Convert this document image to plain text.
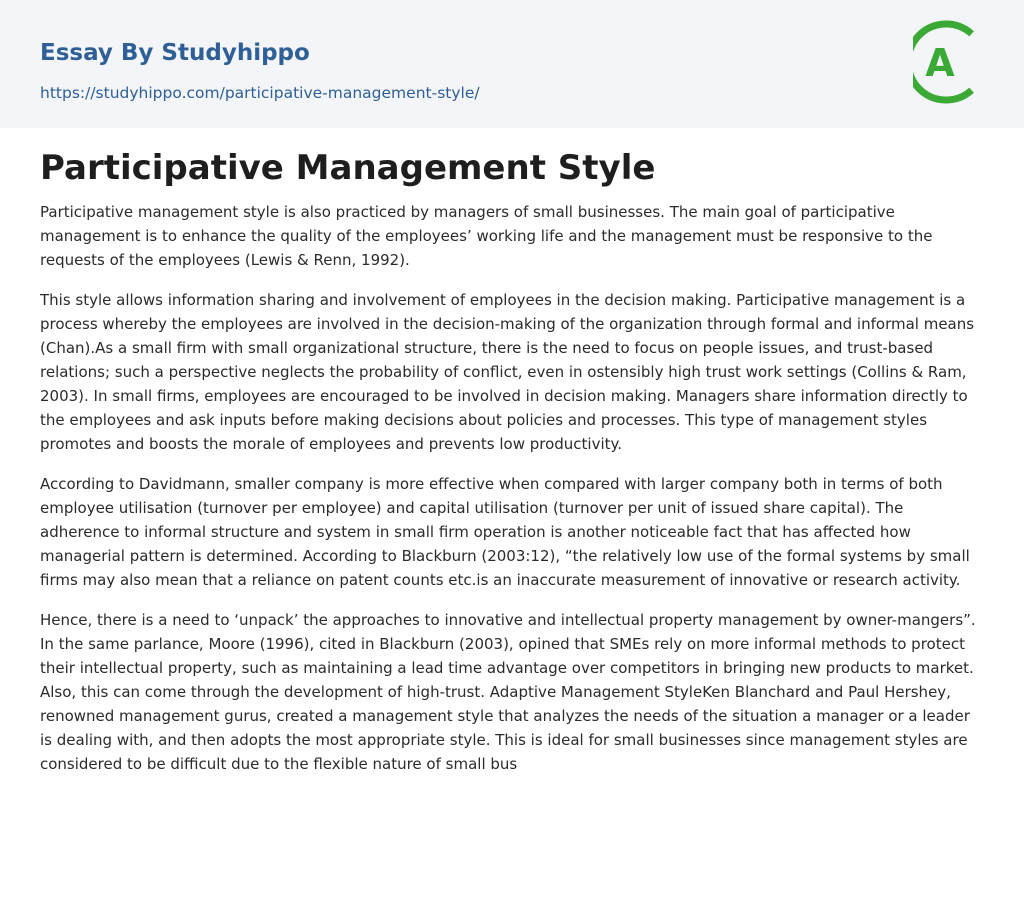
Essay By Studyhippo
https://studyhippo.com/participative-management-style/
A
Participative Management Style

Participative management style is also practiced by managers of small businesses. The main goal of participative management is to enhance the quality of the employees’ working life and the management must be responsive to the requests of the employees (Lewis & Renn, 1992).

This style allows information sharing and involvement of employees in the decision making. Participative management is a process whereby the employees are involved in the decision-making of the organization through formal and informal means (Chan).As a small firm with small organizational structure, there is the need to focus on people issues, and trust-based relations; such a perspective neglects the probability of conflict, even in ostensibly high trust work settings (Collins & Ram, 2003). In small firms, employees are encouraged to be involved in decision making. Managers share information directly to the employees and ask inputs before making decisions about policies and processes. This type of management styles promotes and boosts the morale of employees and prevents low productivity.

According to Davidmann, smaller company is more effective when compared with larger company both in terms of both employee utilisation (turnover per employee) and capital utilisation (turnover per unit of issued share capital). The adherence to informal structure and system in small firm operation is another noticeable fact that has affected how managerial pattern is determined. According to Blackburn (2003:12), “the relatively low use of the formal systems by small firms may also mean that a reliance on patent counts etc.is an inaccurate measurement of innovative or research activity.

Hence, there is a need to ‘unpack’ the approaches to innovative and intellectual property management by owner-mangers”. In the same parlance, Moore (1996), cited in Blackburn (2003), opined that SMEs rely on more informal methods to protect their intellectual property, such as maintaining a lead time advantage over competitors in bringing new products to market. Also, this can come through the development of high-trust. Adaptive Management StyleKen Blanchard and Paul Hershey, renowned management gurus, created a management style that analyzes the needs of the situation a manager or a leader is dealing with, and then adopts the most appropriate style. This is ideal for small businesses since management styles are considered to be difficult due to the flexible nature of small bus
